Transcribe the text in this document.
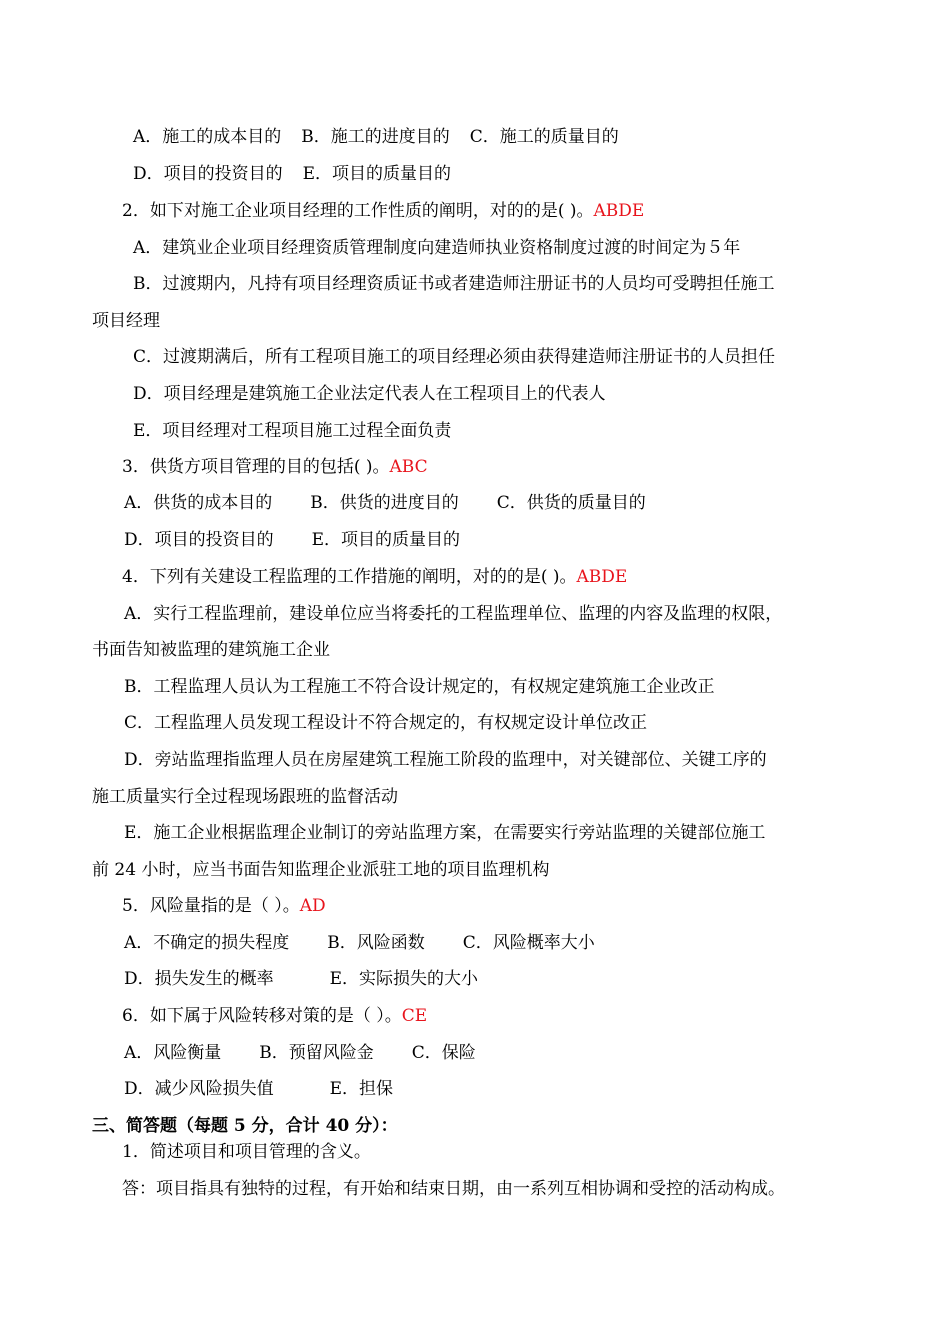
A．施工的成本目的 B．施工的进度目的 C．施工的质量目的
D．项目的投资目的 E．项目的质量目的
2．如下对施工企业项目经理的工作性质的阐明，对的的是( )。ABDE
A．建筑业企业项目经理资质管理制度向建造师执业资格制度过渡的时间定为５年
B．过渡期内，凡持有项目经理资质证书或者建造师注册证书的人员均可受聘担任施工
项目经理
C．过渡期满后，所有工程项目施工的项目经理必须由获得建造师注册证书的人员担任
D．项目经理是建筑施工企业法定代表人在工程项目上的代表人
E．项目经理对工程项目施工过程全面负责
3．供货方项目管理的目的包括( )。ABC
A．供货的成本目的 B．供货的进度目的 C．供货的质量目的
D．项目的投资目的 E．项目的质量目的
4．下列有关建设工程监理的工作措施的阐明，对的的是( )。ABDE
A．实行工程监理前，建设单位应当将委托的工程监理单位、监理的内容及监理的权限，
书面告知被监理的建筑施工企业
B．工程监理人员认为工程施工不符合设计规定的，有权规定建筑施工企业改正
C．工程监理人员发现工程设计不符合规定的，有权规定设计单位改正
D．旁站监理指监理人员在房屋建筑工程施工阶段的监理中，对关键部位、关键工序的
施工质量实行全过程现场跟班的监督活动
E．施工企业根据监理企业制订的旁站监理方案，在需要实行旁站监理的关键部位施工
前 24 小时，应当书面告知监理企业派驻工地的项目监理机构
5．风险量指的是（ ）。AD
A．不确定的损失程度 B．风险函数 C．风险概率大小
D．损失发生的概率	E．实际损失的大小
6．如下属于风险转移对策的是（ ）。CE
A．风险衡量 B．预留风险金 C．保险
D．减少风险损失值	E．担保
三、简答题（每题 5 分，合计 40 分）：
1．简述项目和项目管理的含义。
答：项目指具有独特的过程，有开始和结束日期，由一系列互相协调和受控的活动构成。
